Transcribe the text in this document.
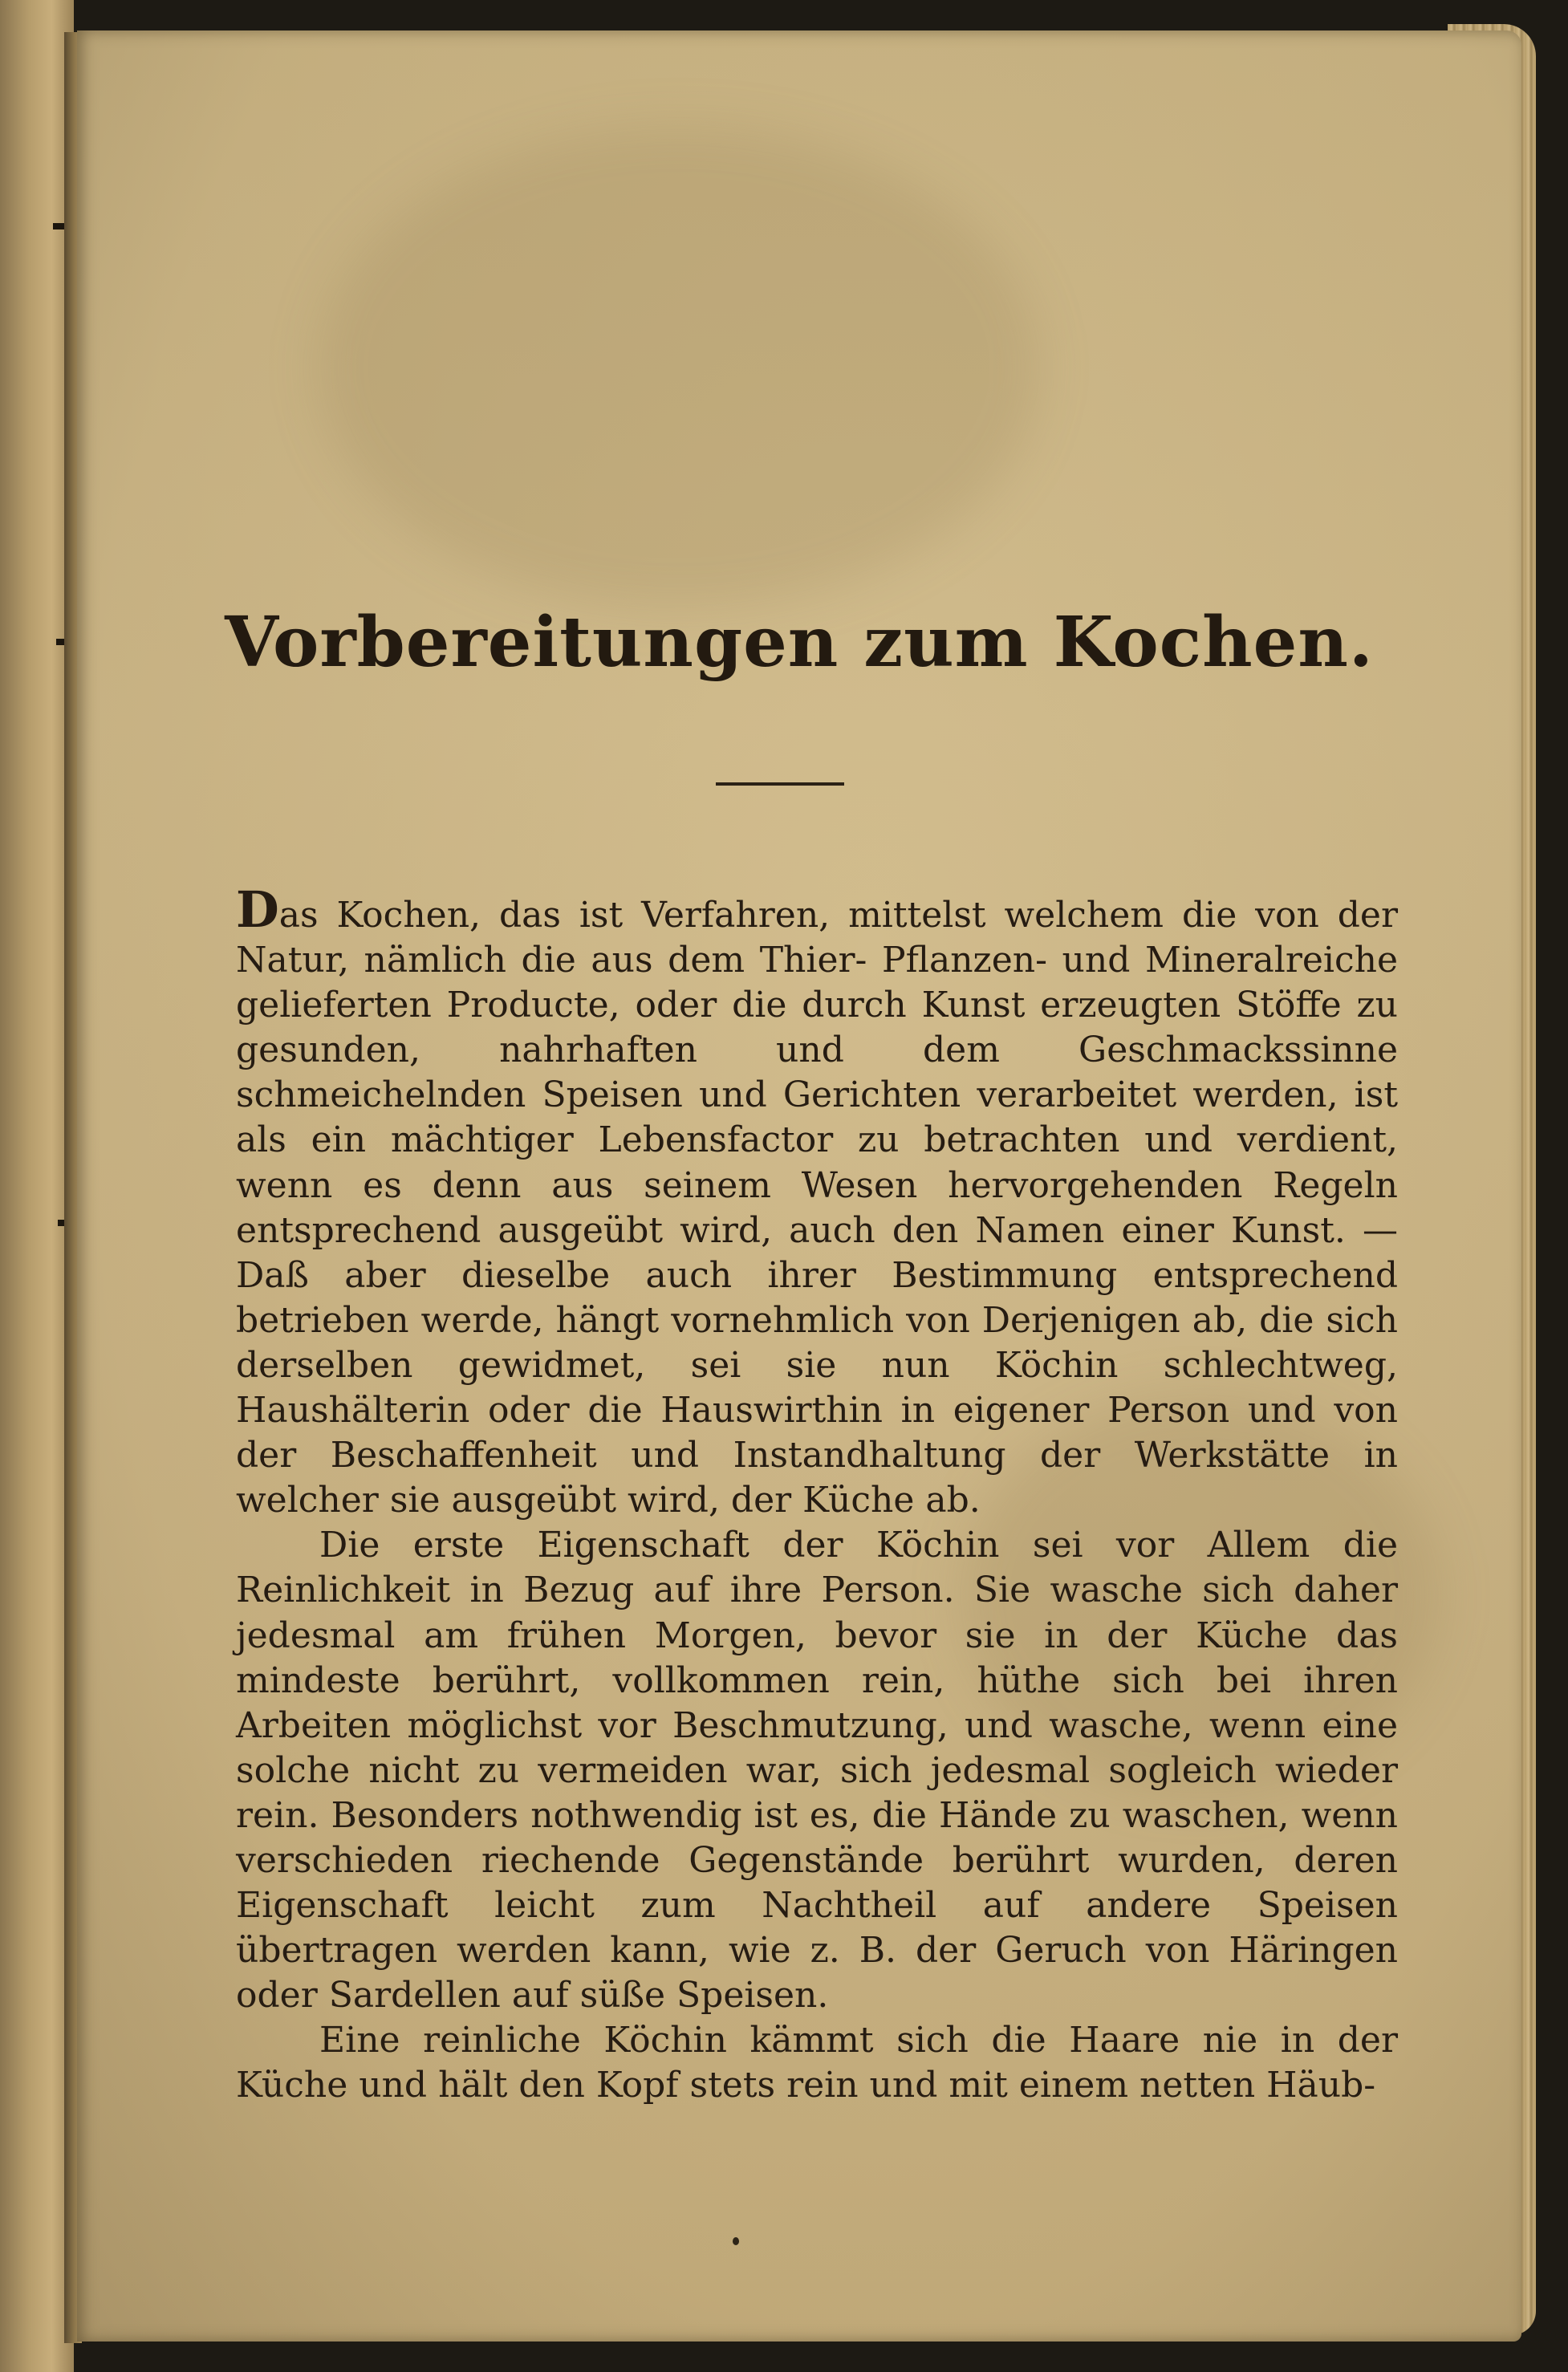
Vorbereitungen zum Kochen.

Das Kochen, das ist Verfahren, mittelst welchem die von der Natur, nämlich die aus dem Thier- Pflanzen- und Mineralreiche gelieferten Producte, oder die durch Kunst erzeugten Stöffe zu gesunden, nahrhaften und dem Geschmackssinne schmeichelnden Speisen und Gerichten verarbeitet werden, ist als ein mächtiger Lebensfactor zu betrachten und verdient, wenn es denn aus seinem Wesen hervorgehenden Regeln entsprechend ausgeübt wird, auch den Namen einer Kunst. — Daß aber dieselbe auch ihrer Bestimmung entsprechend betrieben werde, hängt vornehmlich von Derjenigen ab, die sich derselben gewidmet, sei sie nun Köchin schlechtweg, Haushälterin oder die Hauswirthin in eigener Person und von der Beschaffenheit und Instandhaltung der Werkstätte in welcher sie ausgeübt wird, der Küche ab.

Die erste Eigenschaft der Köchin sei vor Allem die Reinlichkeit in Bezug auf ihre Person. Sie wasche sich daher jedesmal am frühen Morgen, bevor sie in der Küche das mindeste berührt, vollkommen rein, hüthe sich bei ihren Arbeiten möglichst vor Beschmutzung, und wasche, wenn eine solche nicht zu vermeiden war, sich jedesmal sogleich wieder rein. Besonders nothwendig ist es, die Hände zu waschen, wenn verschieden riechende Gegenstände berührt wurden, deren Eigenschaft leicht zum Nachtheil auf andere Speisen übertragen werden kann, wie z. B. der Geruch von Häringen oder Sardellen auf süße Speisen.

Eine reinliche Köchin kämmt sich die Haare nie in der Küche und hält den Kopf stets rein und mit einem netten Häub-
